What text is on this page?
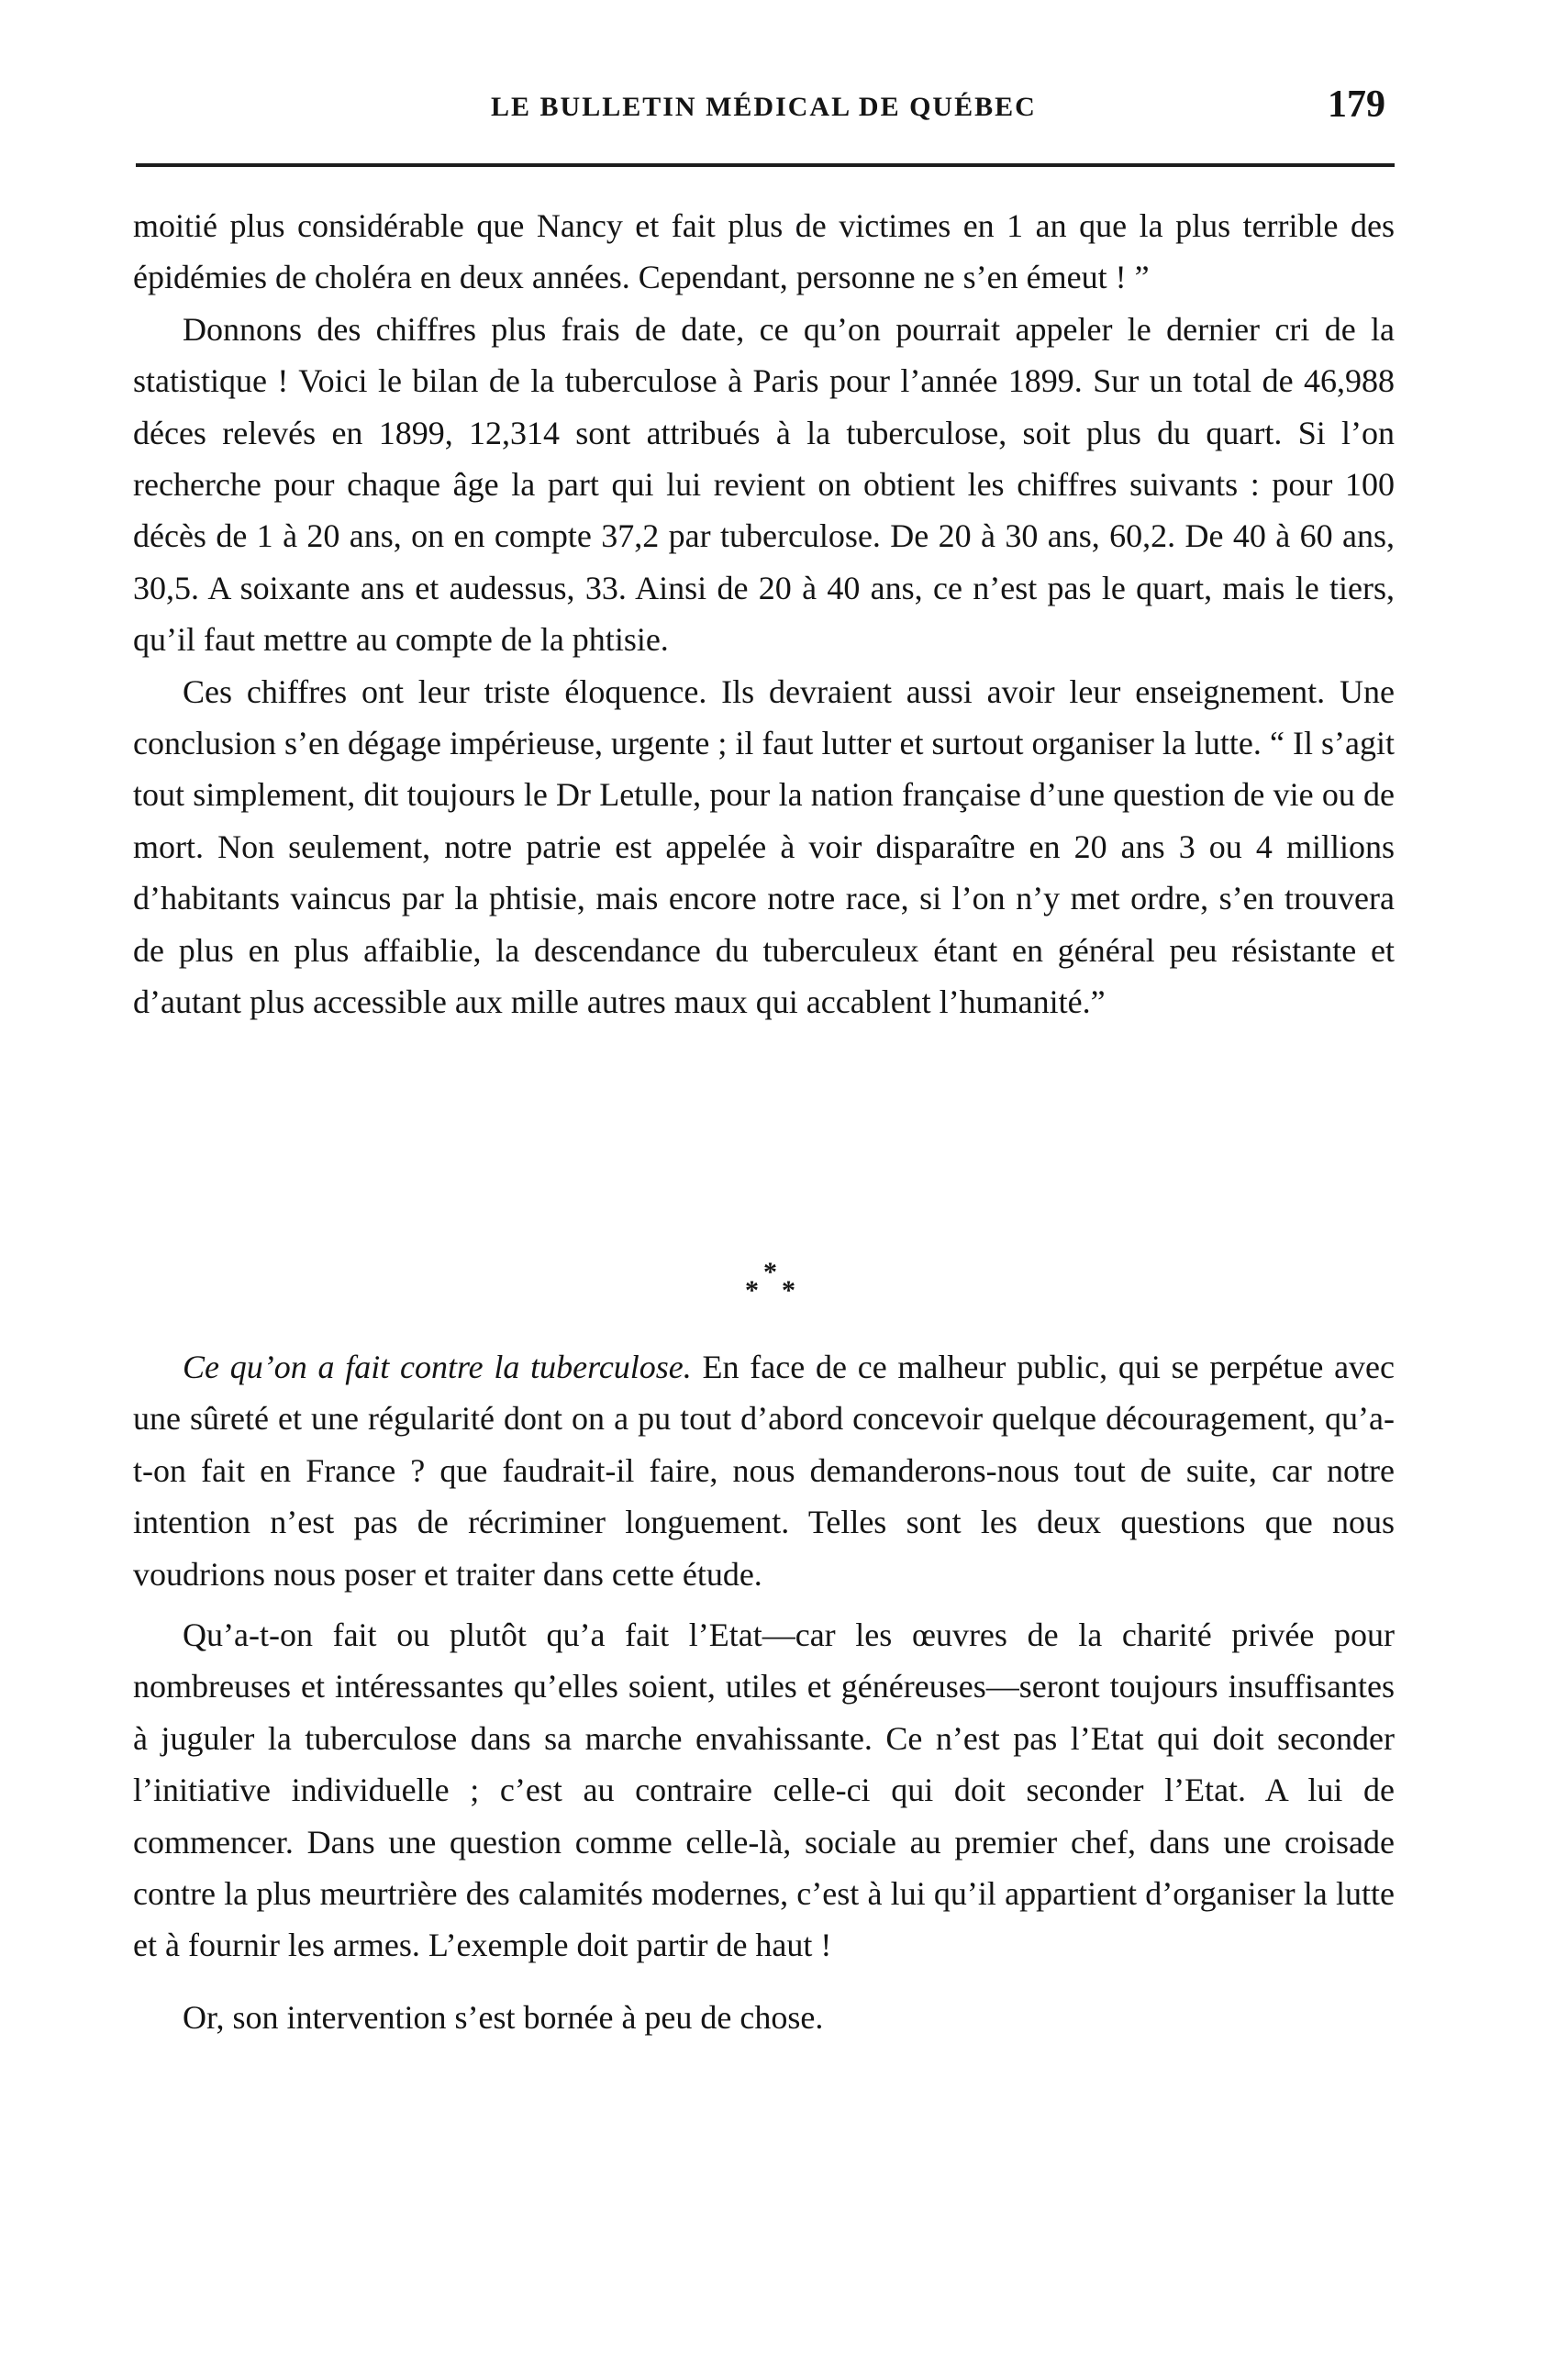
LE BULLETIN MÉDICAL DE QUÉBEC	179

moitié plus considérable que Nancy et fait plus de victimes en 1 an que la plus terrible des épidémies de choléra en deux années. Cependant, personne ne s’en émeut ! ”

Donnons des chiffres plus frais de date, ce qu’on pourrait appeler le dernier cri de la statistique ! Voici le bilan de la tuberculose à Paris pour l’année 1899. Sur un total de 46,988 déces relevés en 1899, 12,314 sont attribués à la tuberculose, soit plus du quart. Si l’on recherche pour chaque âge la part qui lui revient on obtient les chiffres suivants : pour 100 décès de 1 à 20 ans, on en compte 37,2 par tuberculose. De 20 à 30 ans, 60,2. De 40 à 60 ans, 30,5. A soixante ans et audessus, 33. Ainsi de 20 à 40 ans, ce n’est pas le quart, mais le tiers, qu’il faut mettre au compte de la phtisie.

Ces chiffres ont leur triste éloquence. Ils devraient aussi avoir leur enseignement. Une conclusion s’en dégage impérieuse, urgente ; il faut lutter et surtout organiser la lutte. “ Il s’agit tout simplement, dit toujours le Dr Letulle, pour la nation française d’une question de vie ou de mort. Non seulement, notre patrie est appelée à voir disparaître en 20 ans 3 ou 4 millions d’habitants vaincus par la phtisie, mais encore notre race, si l’on n’y met ordre, s’en trouvera de plus en plus affaiblie, la descendance du tuberculeux étant en général peu résistante et d’autant plus accessible aux mille autres maux qui accablent l’humanité.”

*
* *

Ce qu’on a fait contre la tuberculose. En face de ce malheur public, qui se perpétue avec une sûreté et une régularité dont on a pu tout d’abord concevoir quelque découragement, qu’a-t-on fait en France ? que faudrait-il faire, nous demanderons-nous tout de suite, car notre intention n’est pas de récriminer longuement. Telles sont les deux questions que nous voudrions nous poser et traiter dans cette étude.

Qu’a-t-on fait ou plutôt qu’a fait l’Etat—car les œuvres de la charité privée pour nombreuses et intéressantes qu’elles soient, utiles et généreuses—seront toujours insuffisantes à juguler la tuberculose dans sa marche envahissante. Ce n’est pas l’Etat qui doit seconder l’initiative individuelle ; c’est au contraire celle-ci qui doit seconder l’Etat. A lui de commencer. Dans une question comme celle-là, sociale au premier chef, dans une croisade contre la plus meurtrière des calamités modernes, c’est à lui qu’il appartient d’organiser la lutte et à fournir les armes. L’exemple doit partir de haut !

Or, son intervention s’est bornée à peu de chose.
